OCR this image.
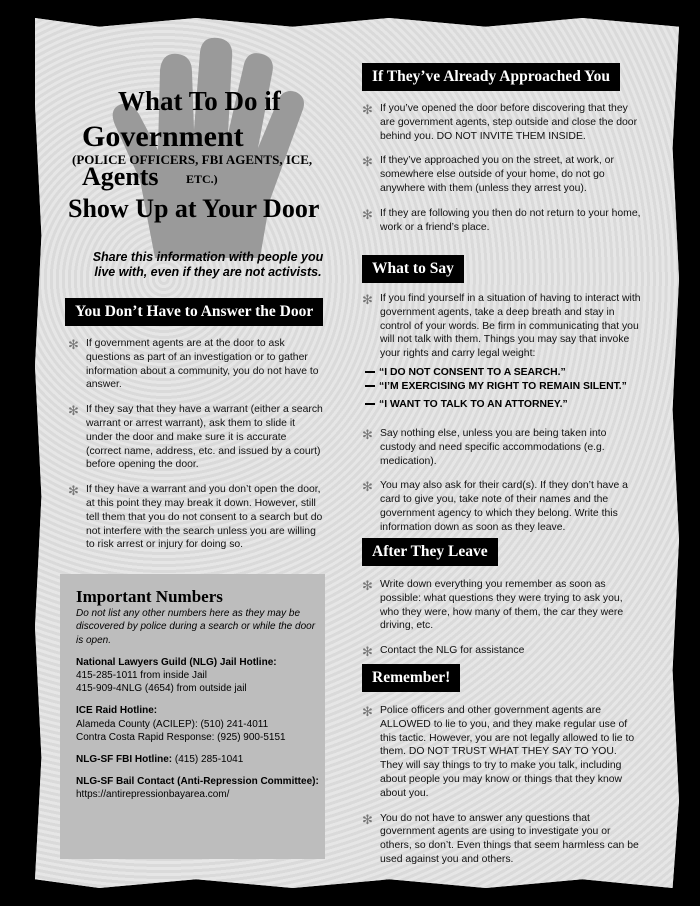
What To Do if
Government
(POLICE OFFICERS, FBI AGENTS, ICE,
Agents ETC.)
Show Up at Your Door
Share this information with people you live with, even if they are not activists.
You Don’t Have to Answer the Door
✻ If government agents are at the door to ask questions as part of an investigation or to gather information about a community, you do not have to answer.
✻ If they say that they have a warrant (either a search warrant or arrest warrant), ask them to slide it under the door and make sure it is accurate (correct name, address, etc. and issued by a court) before opening the door.
✻ If they have a warrant and you don’t open the door, at this point they may break it down. However, still tell them that you do not consent to a search but do not interfere with the search unless you are willing to risk arrest or injury for doing so.
Important Numbers
Do not list any other numbers here as they may be discovered by police during a search or while the door is open.
National Lawyers Guild (NLG) Jail Hotline:
415-285-1011 from inside Jail
415-909-4NLG (4654) from outside jail
ICE Raid Hotline:
Alameda County (ACILEP): (510) 241-4011
Contra Costa Rapid Response: (925) 900-5151
NLG-SF FBI Hotline: (415) 285-1041
NLG-SF Bail Contact (Anti-Repression Committee):
https://antirepressionbayarea.com/
If They’ve Already Approached You
✻ If you’ve opened the door before discovering that they are government agents, step outside and close the door behind you. DO NOT INVITE THEM INSIDE.
✻ If they’ve approached you on the street, at work, or somewhere else outside of your home, do not go anywhere with them (unless they arrest you).
✻ If they are following you then do not return to your home, work or a friend’s place.
What to Say
✻ If you find yourself in a situation of having to interact with government agents, take a deep breath and stay in control of your words. Be firm in communicating that you will not talk with them. Things you may say that invoke your rights and carry legal weight:
“I DO NOT CONSENT TO A SEARCH.”
“I’M EXERCISING MY RIGHT TO REMAIN SILENT.”
“I WANT TO TALK TO AN ATTORNEY.”
✻ Say nothing else, unless you are being taken into custody and need specific accommodations (e.g. medication).
✻ You may also ask for their card(s). If they don’t have a card to give you, take note of their names and the government agency to which they belong. Write this information down as soon as they leave.
After They Leave
✻ Write down everything you remember as soon as possible: what questions they were trying to ask you, who they were, how many of them, the car they were driving, etc.
✻ Contact the NLG for assistance
Remember!
✻ Police officers and other government agents are ALLOWED to lie to you, and they make regular use of this tactic. However, you are not legally allowed to lie to them. DO NOT TRUST WHAT THEY SAY TO YOU. They will say things to try to make you talk, including about people you may know or things that they know about you.
✻ You do not have to answer any questions that government agents are using to investigate you or others, so don’t. Even things that seem harmless can be used against you and others.
